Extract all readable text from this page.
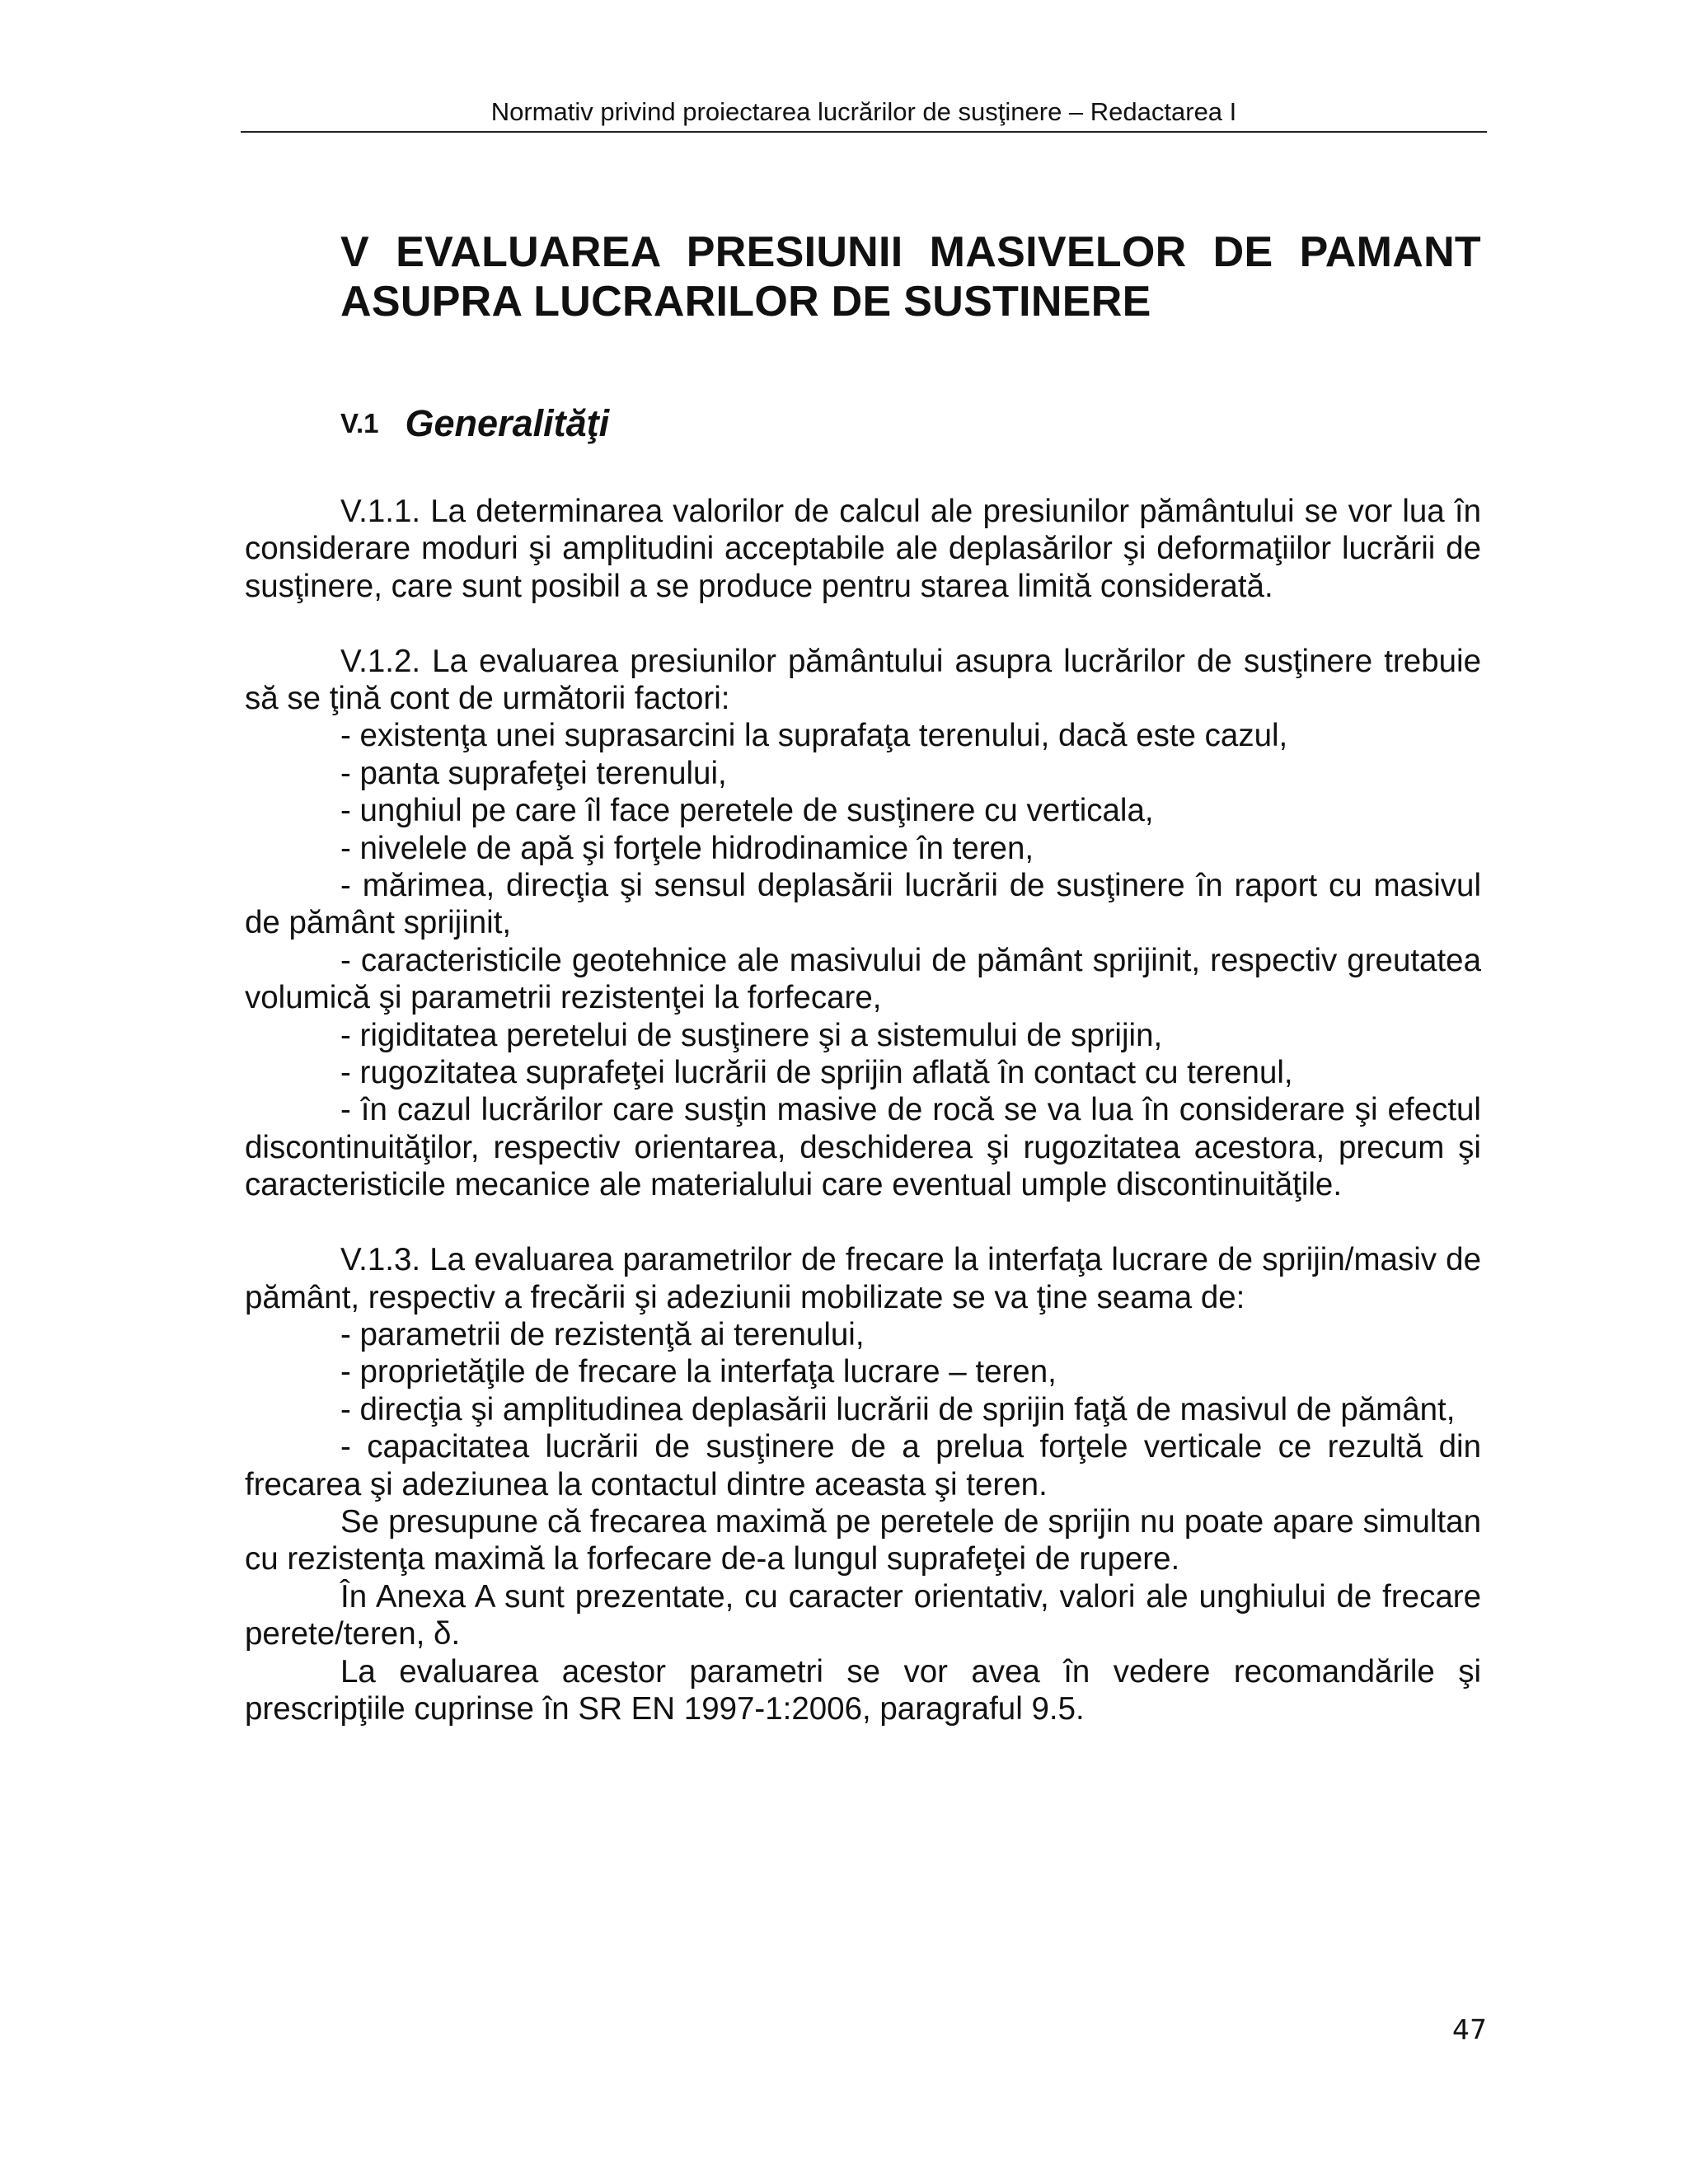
Normativ privind proiectarea lucrărilor de susţinere – Redactarea I
V EVALUAREA PRESIUNII MASIVELOR DE PAMANT ASUPRA LUCRARILOR DE SUSTINERE
V.1 Generalităţi

V.1.1. La determinarea valorilor de calcul ale presiunilor pământului se vor lua în considerare moduri şi amplitudini acceptabile ale deplasărilor şi deformaţiilor lucrării de susţinere, care sunt posibil a se produce pentru starea limită considerată.

V.1.2. La evaluarea presiunilor pământului asupra lucrărilor de susţinere trebuie să se ţină cont de următorii factori:

- existenţa unei suprasarcini la suprafaţa terenului, dacă este cazul,

- panta suprafeţei terenului,

- unghiul pe care îl face peretele de susţinere cu verticala,

- nivelele de apă şi forţele hidrodinamice în teren,

- mărimea, direcţia şi sensul deplasării lucrării de susţinere în raport cu masivul de pământ sprijinit,

- caracteristicile geotehnice ale masivului de pământ sprijinit, respectiv greutatea volumică şi parametrii rezistenţei la forfecare,

- rigiditatea peretelui de susţinere şi a sistemului de sprijin,

- rugozitatea suprafeţei lucrării de sprijin aflată în contact cu terenul,

- în cazul lucrărilor care susţin masive de rocă se va lua în considerare şi efectul discontinuităţilor, respectiv orientarea, deschiderea şi rugozitatea acestora, precum şi caracteristicile mecanice ale materialului care eventual umple discontinuităţile.

V.1.3. La evaluarea parametrilor de frecare la interfaţa lucrare de sprijin/masiv de pământ, respectiv a frecării şi adeziunii mobilizate se va ţine seama de:

- parametrii de rezistenţă ai terenului,

- proprietăţile de frecare la interfaţa lucrare – teren,

- direcţia şi amplitudinea deplasării lucrării de sprijin faţă de masivul de pământ,

- capacitatea lucrării de susţinere de a prelua forţele verticale ce rezultă din frecarea şi adeziunea la contactul dintre aceasta şi teren.

Se presupune că frecarea maximă pe peretele de sprijin nu poate apare simultan cu rezistenţa maximă la forfecare de-a lungul suprafeţei de rupere.

În Anexa A sunt prezentate, cu caracter orientativ, valori ale unghiului de frecare perete/teren, δ.

La evaluarea acestor parametri se vor avea în vedere recomandările şi prescripţiile cuprinse în SR EN 1997-1:2006, paragraful 9.5.

47
